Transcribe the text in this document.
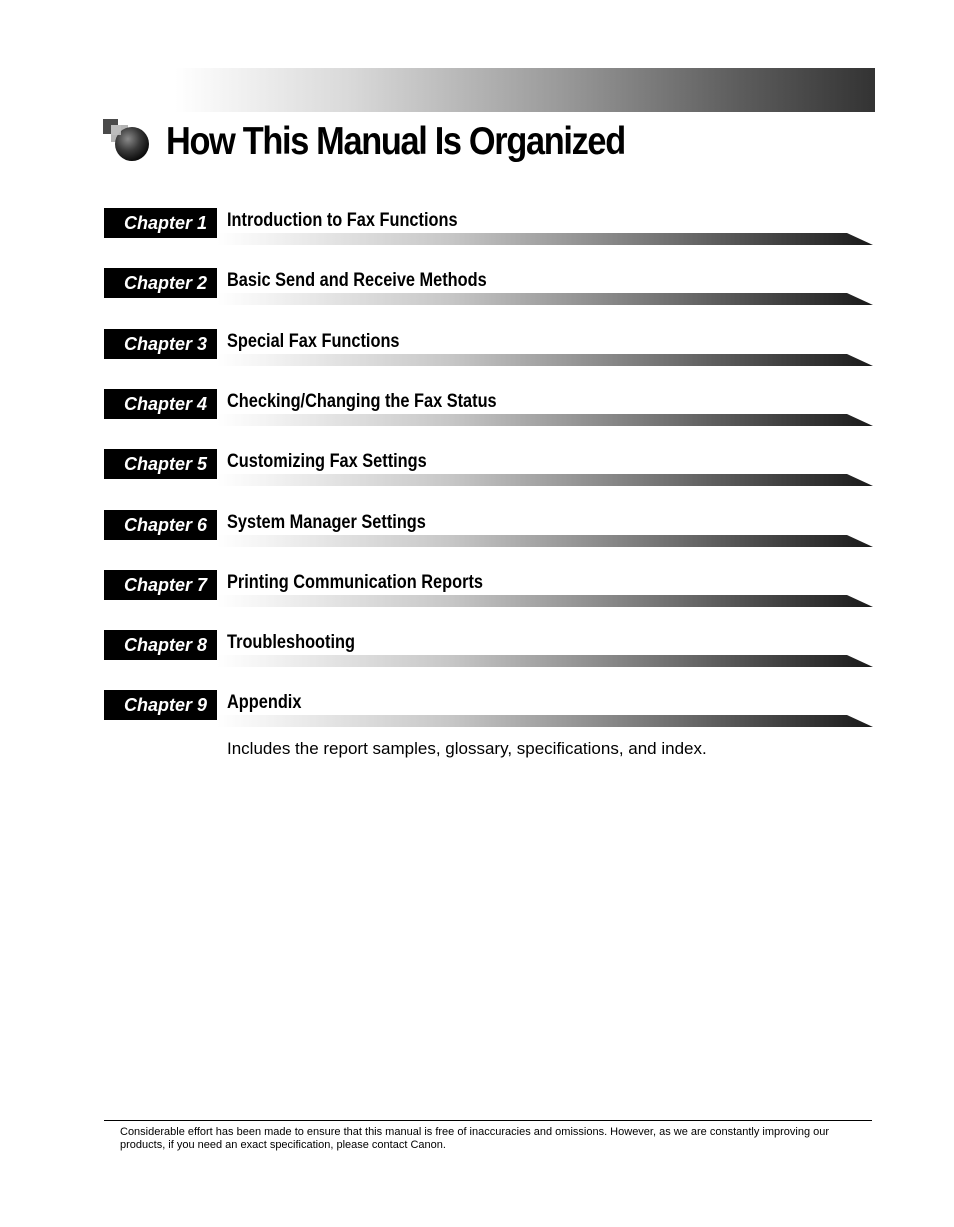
How This Manual Is Organized
Chapter 1	Introduction to Fax Functions
Chapter 2	Basic Send and Receive Methods
Chapter 3	Special Fax Functions
Chapter 4	Checking/Changing the Fax Status
Chapter 5	Customizing Fax Settings
Chapter 6	System Manager Settings
Chapter 7	Printing Communication Reports
Chapter 8	Troubleshooting
Chapter 9	Appendix
Includes the report samples, glossary, specifications, and index.
Considerable effort has been made to ensure that this manual is free of inaccuracies and omissions. However, as we are constantly improving our products, if you need an exact specification, please contact Canon.
